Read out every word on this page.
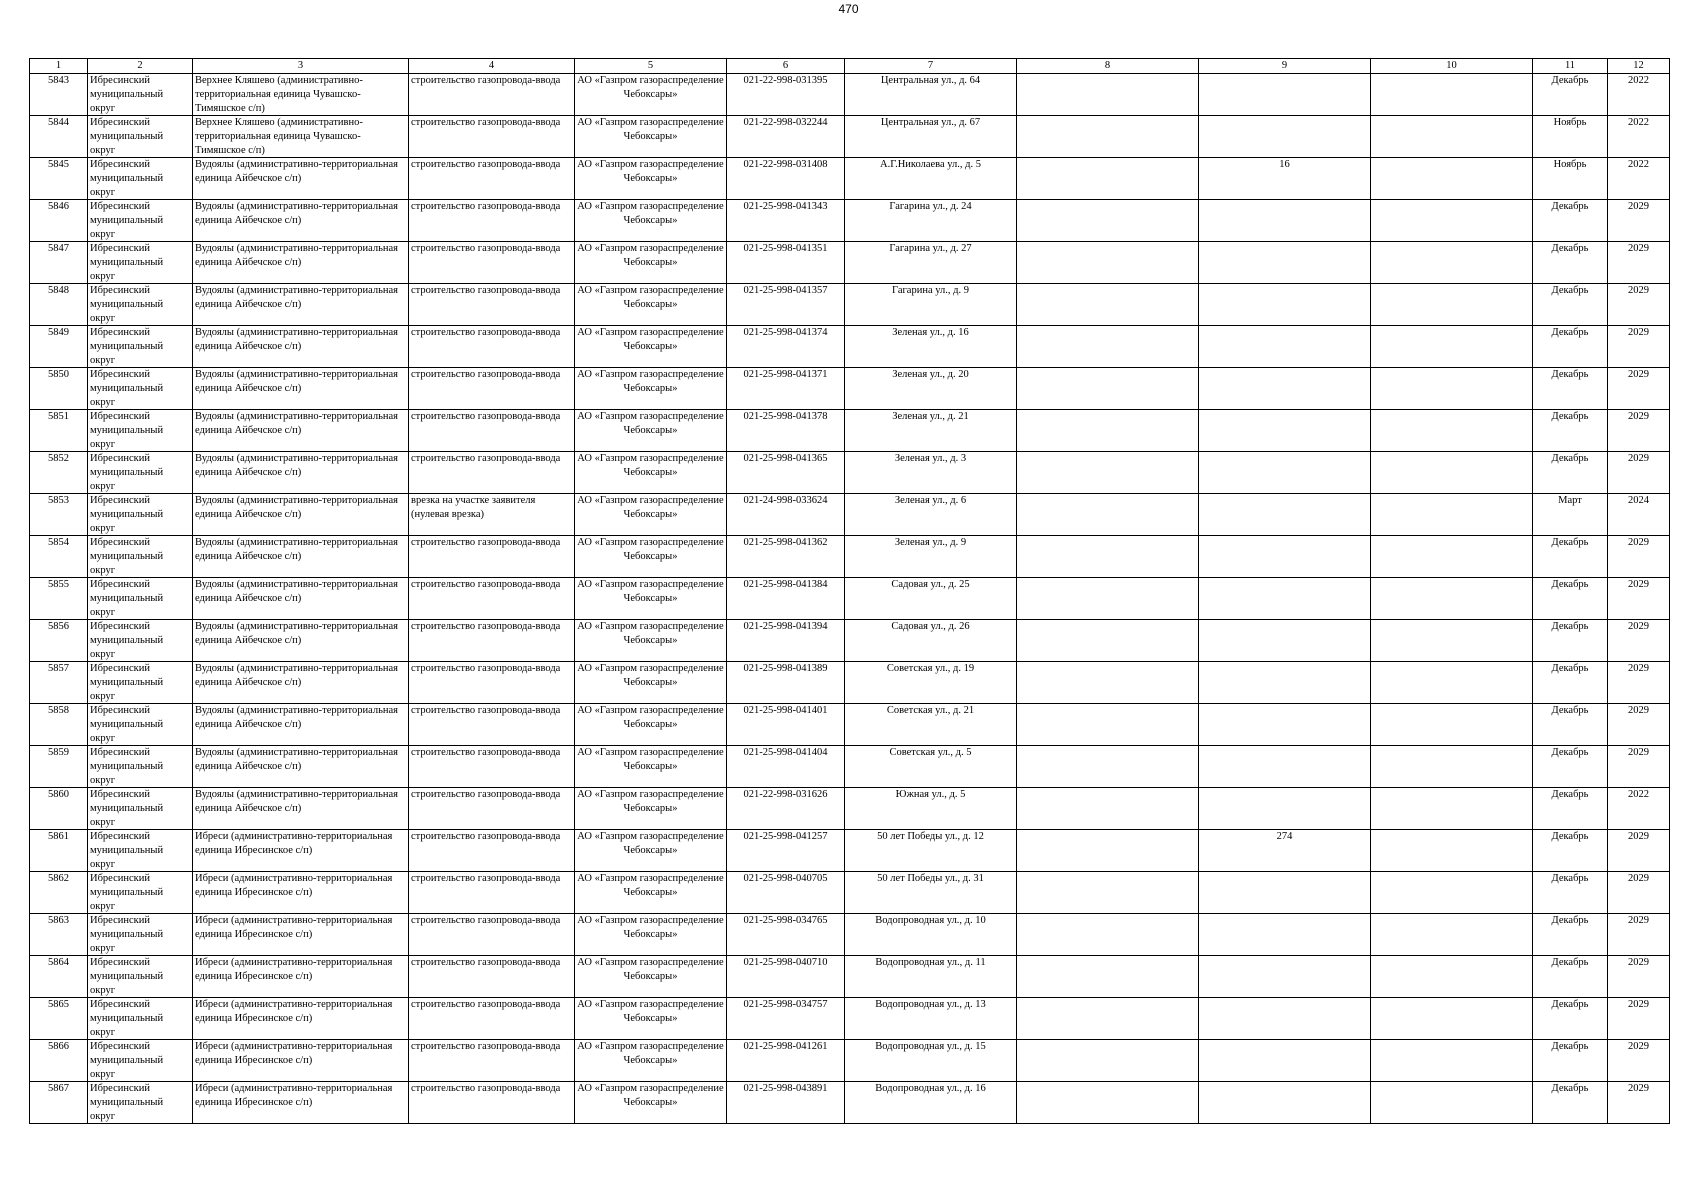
470
1	2	3	4	5	6	7	8	9	10	11	12

5843	Ибресинский муниципальный округ	Верхнее Кляшево (административно-территориальная единица Чувашско-Тимяшское с/п)	строительство газопровода-ввода	АО «Газпром газораспределение Чебоксары»	021-22-998-031395	Центральная ул., д. 64				Декабрь	2022

5844	Ибресинский муниципальный округ	Верхнее Кляшево (административно-территориальная единица Чувашско-Тимяшское с/п)	строительство газопровода-ввода	АО «Газпром газораспределение Чебоксары»	021-22-998-032244	Центральная ул., д. 67				Ноябрь	2022

5845	Ибресинский муниципальный округ	Вудоялы (административно-территориальная единица Айбечское с/п)	строительство газопровода-ввода	АО «Газпром газораспределение Чебоксары»	021-22-998-031408	А.Г.Николаева ул., д. 5		16		Ноябрь	2022

5846	Ибресинский муниципальный округ	Вудоялы (административно-территориальная единица Айбечское с/п)	строительство газопровода-ввода	АО «Газпром газораспределение Чебоксары»	021-25-998-041343	Гагарина ул., д. 24				Декабрь	2029

5847	Ибресинский муниципальный округ	Вудоялы (административно-территориальная единица Айбечское с/п)	строительство газопровода-ввода	АО «Газпром газораспределение Чебоксары»	021-25-998-041351	Гагарина ул., д. 27				Декабрь	2029

5848	Ибресинский муниципальный округ	Вудоялы (административно-территориальная единица Айбечское с/п)	строительство газопровода-ввода	АО «Газпром газораспределение Чебоксары»	021-25-998-041357	Гагарина ул., д. 9				Декабрь	2029

5849	Ибресинский муниципальный округ	Вудоялы (административно-территориальная единица Айбечское с/п)	строительство газопровода-ввода	АО «Газпром газораспределение Чебоксары»	021-25-998-041374	Зеленая ул., д. 16				Декабрь	2029

5850	Ибресинский муниципальный округ	Вудоялы (административно-территориальная единица Айбечское с/п)	строительство газопровода-ввода	АО «Газпром газораспределение Чебоксары»	021-25-998-041371	Зеленая ул., д. 20				Декабрь	2029

5851	Ибресинский муниципальный округ	Вудоялы (административно-территориальная единица Айбечское с/п)	строительство газопровода-ввода	АО «Газпром газораспределение Чебоксары»	021-25-998-041378	Зеленая ул., д. 21				Декабрь	2029

5852	Ибресинский муниципальный округ	Вудоялы (административно-территориальная единица Айбечское с/п)	строительство газопровода-ввода	АО «Газпром газораспределение Чебоксары»	021-25-998-041365	Зеленая ул., д. 3				Декабрь	2029

5853	Ибресинский муниципальный округ	Вудоялы (административно-территориальная единица Айбечское с/п)	врезка на участке заявителя (нулевая врезка)	АО «Газпром газораспределение Чебоксары»	021-24-998-033624	Зеленая ул., д. 6				Март	2024

5854	Ибресинский муниципальный округ	Вудоялы (административно-территориальная единица Айбечское с/п)	строительство газопровода-ввода	АО «Газпром газораспределение Чебоксары»	021-25-998-041362	Зеленая ул., д. 9				Декабрь	2029

5855	Ибресинский муниципальный округ	Вудоялы (административно-территориальная единица Айбечское с/п)	строительство газопровода-ввода	АО «Газпром газораспределение Чебоксары»	021-25-998-041384	Садовая ул., д. 25				Декабрь	2029

5856	Ибресинский муниципальный округ	Вудоялы (административно-территориальная единица Айбечское с/п)	строительство газопровода-ввода	АО «Газпром газораспределение Чебоксары»	021-25-998-041394	Садовая ул., д. 26				Декабрь	2029

5857	Ибресинский муниципальный округ	Вудоялы (административно-территориальная единица Айбечское с/п)	строительство газопровода-ввода	АО «Газпром газораспределение Чебоксары»	021-25-998-041389	Советская ул., д. 19				Декабрь	2029

5858	Ибресинский муниципальный округ	Вудоялы (административно-территориальная единица Айбечское с/п)	строительство газопровода-ввода	АО «Газпром газораспределение Чебоксары»	021-25-998-041401	Советская ул., д. 21				Декабрь	2029

5859	Ибресинский муниципальный округ	Вудоялы (административно-территориальная единица Айбечское с/п)	строительство газопровода-ввода	АО «Газпром газораспределение Чебоксары»	021-25-998-041404	Советская ул., д. 5				Декабрь	2029

5860	Ибресинский муниципальный округ	Вудоялы (административно-территориальная единица Айбечское с/п)	строительство газопровода-ввода	АО «Газпром газораспределение Чебоксары»	021-22-998-031626	Южная ул., д. 5				Декабрь	2022

5861	Ибресинский муниципальный округ	Ибреси (административно-территориальная единица Ибресинское с/п)	строительство газопровода-ввода	АО «Газпром газораспределение Чебоксары»	021-25-998-041257	50 лет Победы ул., д. 12		274		Декабрь	2029

5862	Ибресинский муниципальный округ	Ибреси (административно-территориальная единица Ибресинское с/п)	строительство газопровода-ввода	АО «Газпром газораспределение Чебоксары»	021-25-998-040705	50 лет Победы ул., д. 31				Декабрь	2029

5863	Ибресинский муниципальный округ	Ибреси (административно-территориальная единица Ибресинское с/п)	строительство газопровода-ввода	АО «Газпром газораспределение Чебоксары»	021-25-998-034765	Водопроводная ул., д. 10				Декабрь	2029

5864	Ибресинский муниципальный округ	Ибреси (административно-территориальная единица Ибресинское с/п)	строительство газопровода-ввода	АО «Газпром газораспределение Чебоксары»	021-25-998-040710	Водопроводная ул., д. 11				Декабрь	2029

5865	Ибресинский муниципальный округ	Ибреси (административно-территориальная единица Ибресинское с/п)	строительство газопровода-ввода	АО «Газпром газораспределение Чебоксары»	021-25-998-034757	Водопроводная ул., д. 13				Декабрь	2029

5866	Ибресинский муниципальный округ	Ибреси (административно-территориальная единица Ибресинское с/п)	строительство газопровода-ввода	АО «Газпром газораспределение Чебоксары»	021-25-998-041261	Водопроводная ул., д. 15				Декабрь	2029

5867	Ибресинский муниципальный округ	Ибреси (административно-территориальная единица Ибресинское с/п)	строительство газопровода-ввода	АО «Газпром газораспределение Чебоксары»	021-25-998-043891	Водопроводная ул., д. 16				Декабрь	2029
